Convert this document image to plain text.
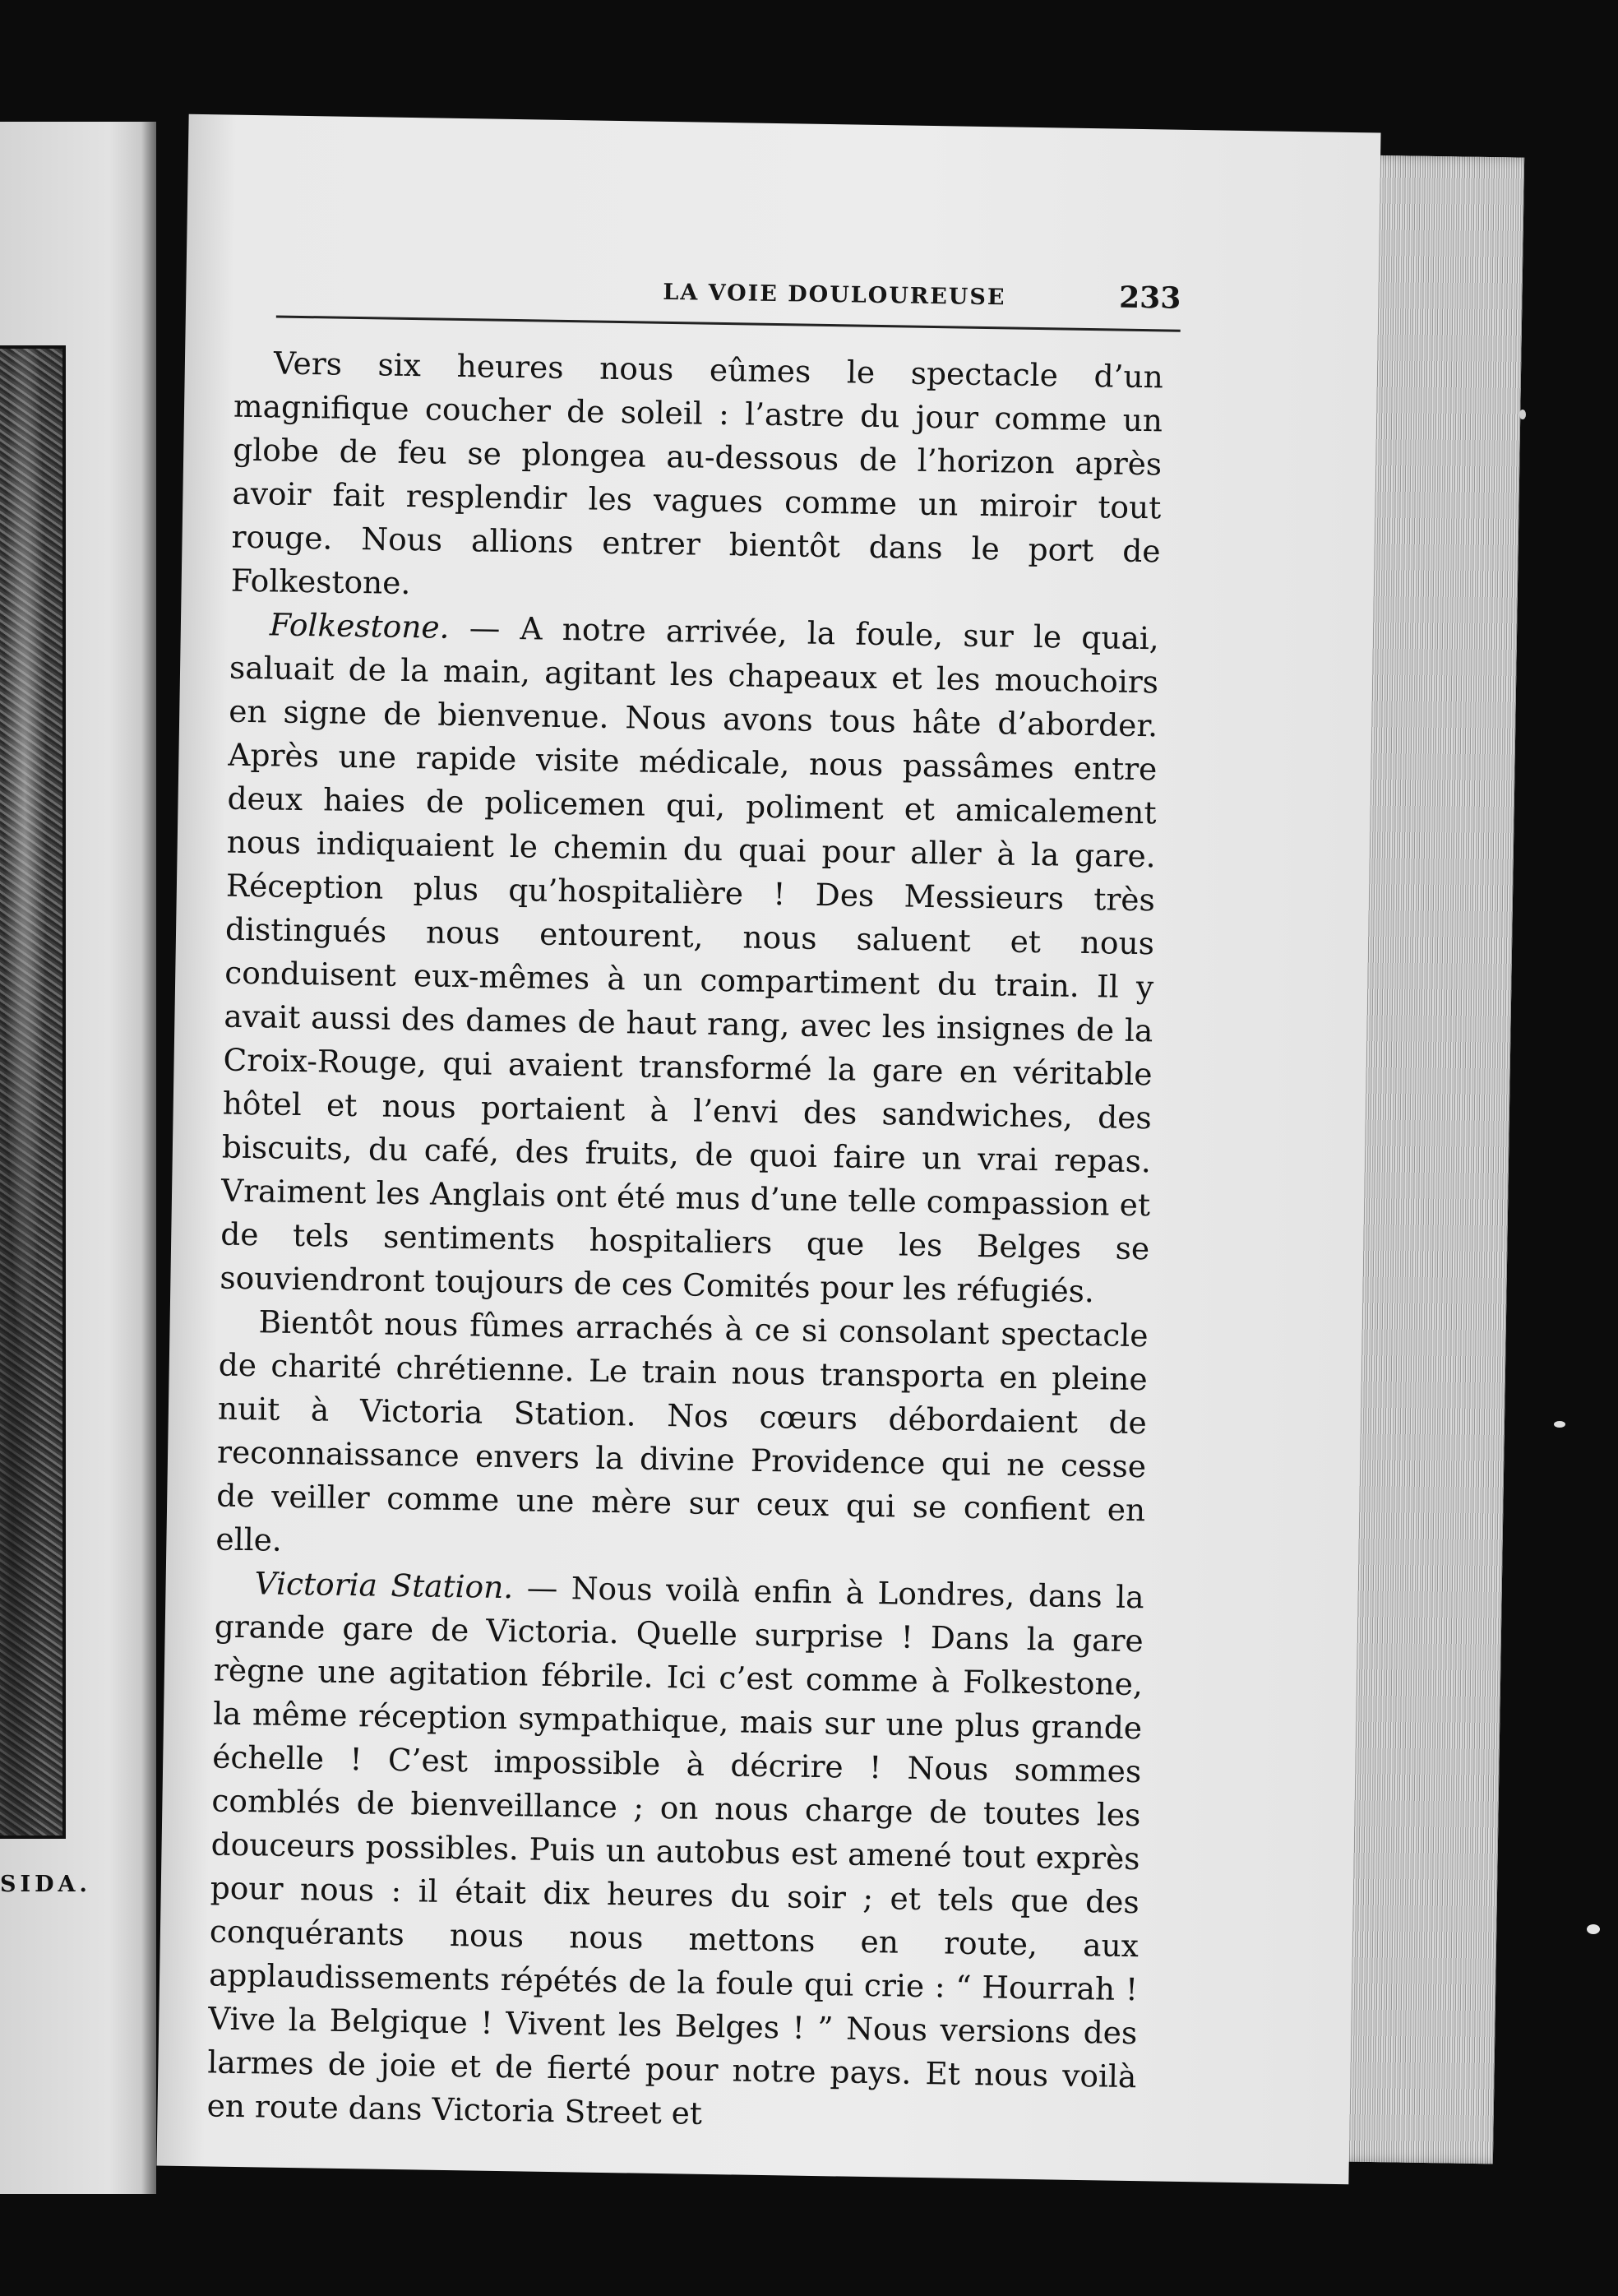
SIDA.
LA VOIE DOULOUREUSE	233

Vers six heures nous eûmes le spectacle d’un magnifique coucher de soleil : l’astre du jour comme un globe de feu se plongea au-dessous de l’horizon après avoir fait resplendir les vagues comme un miroir tout rouge. Nous allions entrer bientôt dans le port de Folkestone.

Folkestone. — A notre arrivée, la foule, sur le quai, saluait de la main, agitant les chapeaux et les mouchoirs en signe de bienvenue. Nous avons tous hâte d’aborder. Après une rapide visite médicale, nous passâmes entre deux haies de policemen qui, poliment et amicalement nous indiquaient le chemin du quai pour aller à la gare. Réception plus qu’hospitalière ! Des Messieurs très distingués nous entourent, nous saluent et nous conduisent eux-mêmes à un compartiment du train. Il y avait aussi des dames de haut rang, avec les insignes de la Croix-Rouge, qui avaient transformé la gare en véritable hôtel et nous portaient à l’envi des sandwiches, des biscuits, du café, des fruits, de quoi faire un vrai repas. Vraiment les Anglais ont été mus d’une telle compassion et de tels sentiments hospitaliers que les Belges se souviendront toujours de ces Comités pour les réfugiés.

Bientôt nous fûmes arrachés à ce si consolant spectacle de charité chrétienne. Le train nous transporta en pleine nuit à Victoria Station. Nos cœurs débordaient de reconnaissance envers la divine Providence qui ne cesse de veiller comme une mère sur ceux qui se confient en elle.

Victoria Station. — Nous voilà enfin à Londres, dans la grande gare de Victoria. Quelle surprise ! Dans la gare règne une agitation fébrile. Ici c’est comme à Folkestone, la même réception sympathique, mais sur une plus grande échelle ! C’est impossible à décrire ! Nous sommes comblés de bienveillance ; on nous charge de toutes les douceurs possibles. Puis un autobus est amené tout exprès pour nous : il était dix heures du soir ; et tels que des conquérants nous nous mettons en route, aux applaudissements répétés de la foule qui crie : “ Hourrah ! Vive la Belgique ! Vivent les Belges ! ” Nous versions des larmes de joie et de fierté pour notre pays. Et nous voilà en route dans Victoria Street et
